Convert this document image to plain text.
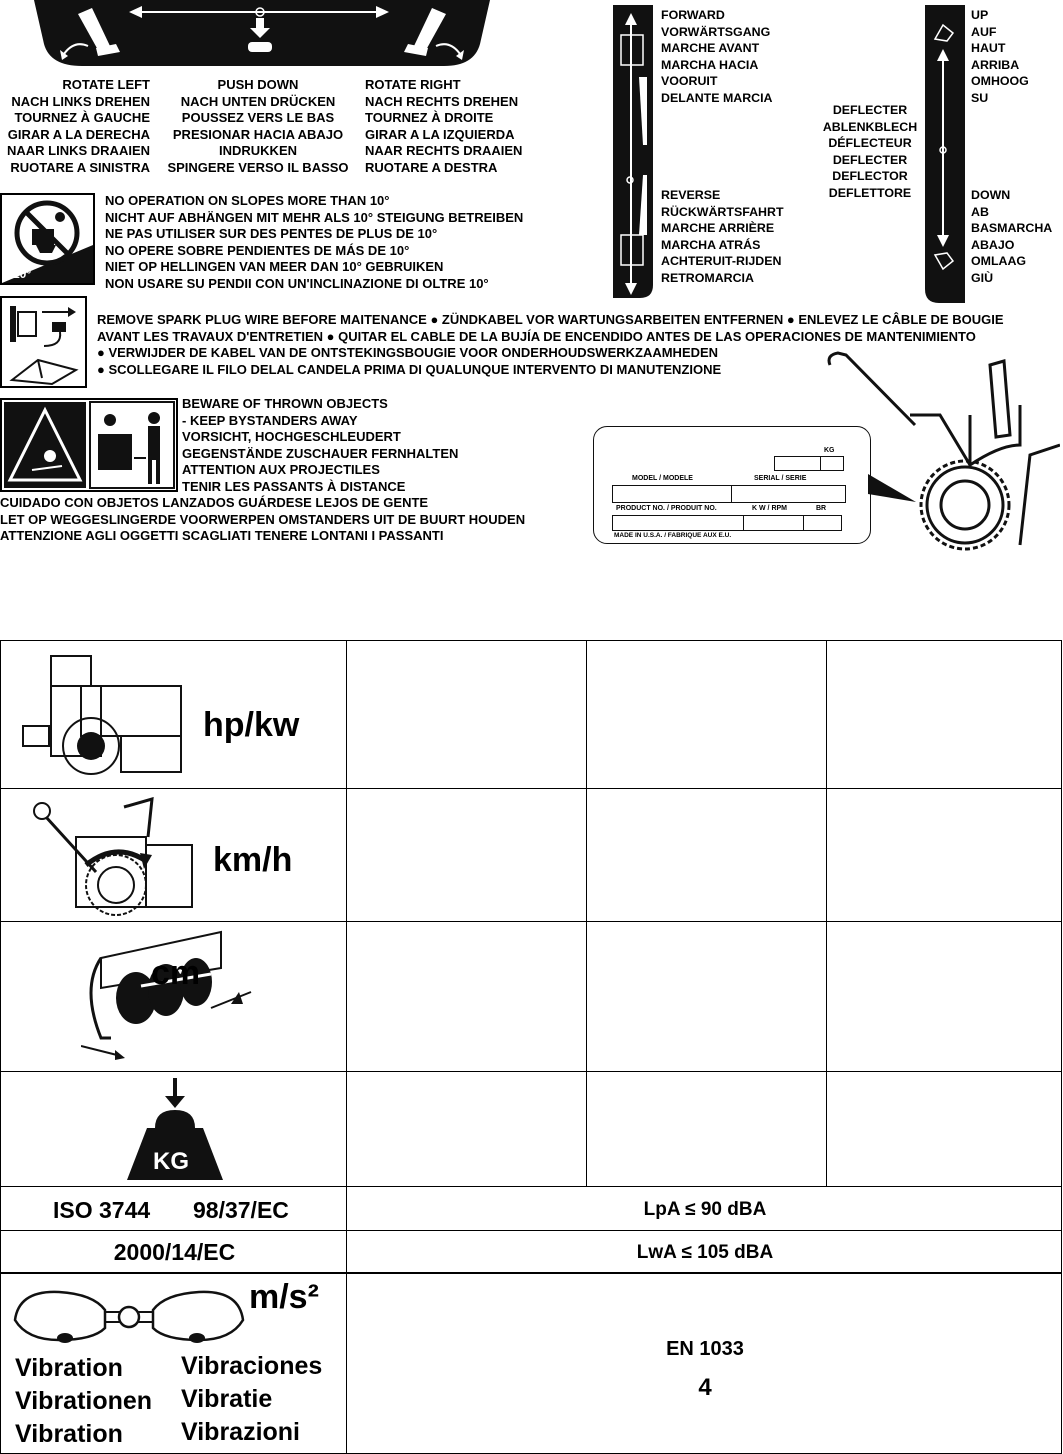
ROTATE LEFT
NACH LINKS DREHEN
TOURNEZ À GAUCHE
GIRAR A LA DERECHA
NAAR LINKS DRAAIEN
RUOTARE A SINISTRA
PUSH DOWN
NACH UNTEN DRÜCKEN
POUSSEZ VERS LE BAS
PRESIONAR HACIA ABAJO
INDRUKKEN
SPINGERE VERSO IL BASSO
ROTATE RIGHT
NACH RECHTS DREHEN
TOURNEZ À DROITE
GIRAR A LA IZQUIERDA
NAAR RECHTS DRAAIEN
RUOTARE A DESTRA
>10°
NO OPERATION ON SLOPES MORE THAN 10°
NICHT AUF ABHÄNGEN MIT MEHR ALS 10° STEIGUNG BETREIBEN
NE PAS UTILISER SUR DES PENTES DE PLUS DE 10°
NO OPERE SOBRE PENDIENTES DE MÁS DE 10°
NIET OP HELLINGEN VAN MEER DAN 10° GEBRUIKEN
NON USARE SU PENDII CON UN'INCLINAZIONE DI OLTRE 10°
FORWARD
VORWÄRTSGANG
MARCHE AVANT
MARCHA HACIA
VOORUIT
DELANTE MARCIA
REVERSE
RÜCKWÄRTSFAHRT
MARCHE ARRIÈRE
MARCHA ATRÁS
ACHTERUIT-RIJDEN
RETROMARCIA
DEFLECTER
ABLENKBLECH
DÉFLECTEUR
DEFLECTER
DEFLECTOR
DEFLETTORE
UP
AUF
HAUT
ARRIBA
OMHOOG
SU
DOWN
AB
BASMARCHA
ABAJO
OMLAAG
GIÙ
REMOVE SPARK PLUG WIRE BEFORE MAITENANCE ● ZÜNDKABEL VOR WARTUNGSARBEITEN ENTFERNEN ● ENLEVEZ LE CÂBLE DE BOUGIE
AVANT LES TRAVAUX D'ENTRETIEN ● QUITAR EL CABLE DE LA BUJÍA DE ENCENDIDO ANTES DE LAS OPERACIONES DE MANTENIMIENTO
● VERWIJDER DE KABEL VAN DE ONTSTEKINGSBOUGIE VOOR ONDERHOUDSWERKZAAMHEDEN
● SCOLLEGARE IL FILO DELAL CANDELA PRIMA DI QUALUNQUE INTERVENTO DI MANUTENZIONE
BEWARE OF THROWN OBJECTS
- KEEP BYSTANDERS AWAY
VORSICHT, HOCHGESCHLEUDERT
GEGENSTÄNDE ZUSCHAUER FERNHALTEN
ATTENTION AUX PROJECTILES
TENIR LES PASSANTS À DISTANCE
CUIDADO CON OBJETOS LANZADOS GUÁRDESE LEJOS DE GENTE
LET OP WEGGESLINGERDE VOORWERPEN OMSTANDERS UIT DE BUURT HOUDEN
ATTENZIONE AGLI OGGETTI SCAGLIATI TENERE LONTANI I PASSANTI
KG
MODEL / MODELE	SERIAL / SERIE
PRODUCT NO. / PRODUIT NO.	K W / RPM	BR
MADE IN U.S.A. / FABRIQUE AUX E.U.
hp/kw
km/h
cm
KG
ISO 3744 98/37/EC	LpA ≤ 90 dBA
2000/14/EC	LwA ≤ 105 dBA
m/s²
Vibration
Vibrationen
Vibration
Vibraciones
Vibratie
Vibrazioni
EN 1033
4
